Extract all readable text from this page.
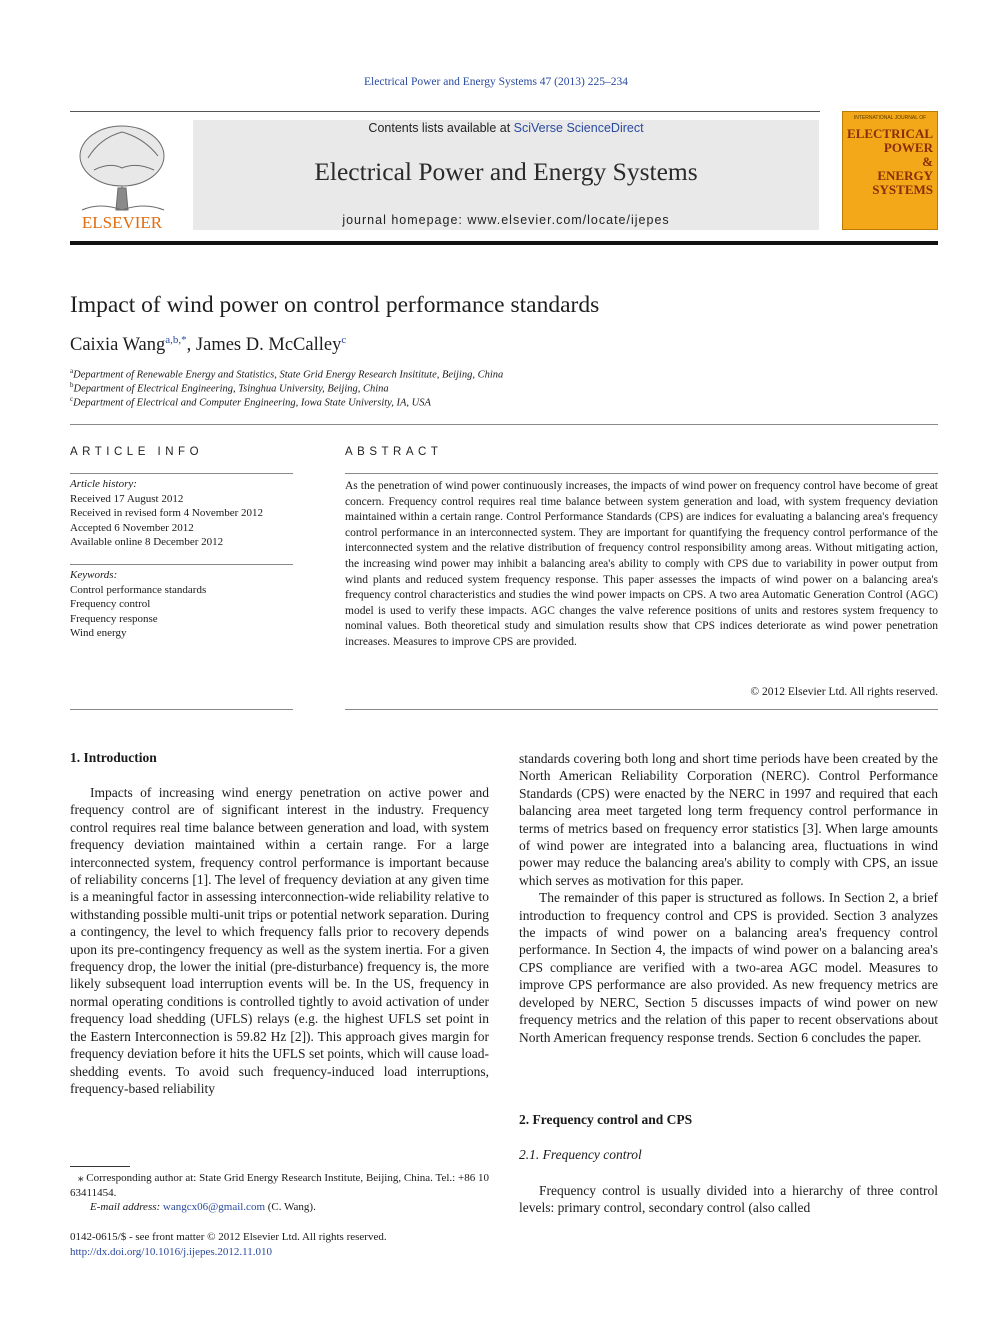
Electrical Power and Energy Systems 47 (2013) 225–234
ELSEVIER
Contents lists available at SciVerse ScienceDirect
Electrical Power and Energy Systems
journal homepage: www.elsevier.com/locate/ijepes
INTERNATIONAL JOURNAL OF
ELECTRICAL
POWER
&
ENERGY
SYSTEMS
Impact of wind power on control performance standards
Caixia Wang$^{a,b,*}$, James D. McCalley$^c$
$^a$Department of Renewable Energy and Statistics, State Grid Energy Research Insititute, Beijing, China
$^b$Department of Electrical Engineering, Tsinghua University, Beijing, China
$^c$Department of Electrical and Computer Engineering, Iowa State University, IA, USA
ARTICLE INFO
Article history:
Received 17 August 2012
Received in revised form 4 November 2012
Accepted 6 November 2012
Available online 8 December 2012
Keywords:
Control performance standards
Frequency control
Frequency response
Wind energy
ABSTRACT
As the penetration of wind power continuously increases, the impacts of wind power on frequency control have become of great concern. Frequency control requires real time balance between system generation and load, with system frequency deviation maintained within a certain range. Control Performance Standards (CPS) are indices for evaluating a balancing area's frequency control performance in an interconnected system. They are important for quantifying the frequency control performance of the interconnected system and the relative distribution of frequency control responsibility among areas. Without mitigating action, the increasing wind power may inhibit a balancing area's ability to comply with CPS due to variability in power output from wind plants and reduced system frequency response. This paper assesses the impacts of wind power on a balancing area's frequency control characteristics and studies the wind power impacts on CPS. A two area Automatic Generation Control (AGC) model is used to verify these impacts. AGC changes the valve reference positions of units and restores system frequency to nominal values. Both theoretical study and simulation results show that CPS indices deteriorate as wind power penetration increases. Measures to improve CPS are provided.
© 2012 Elsevier Ltd. All rights reserved.
1. Introduction

Impacts of increasing wind energy penetration on active power and frequency control are of significant interest in the industry. Frequency control requires real time balance between generation and load, with system frequency deviation maintained within a certain range. For a large interconnected system, frequency control performance is important because of reliability concerns [1]. The level of frequency deviation at any given time is a meaningful factor in assessing interconnection-wide reliability relative to withstanding possible multi-unit trips or potential network separation. During a contingency, the level to which frequency falls prior to recovery depends upon its pre-contingency frequency as well as the system inertia. For a given frequency drop, the lower the initial (pre-disturbance) frequency is, the more likely subsequent load interruption events will be. In the US, frequency in normal operating conditions is controlled tightly to avoid activation of under frequency load shedding (UFLS) relays (e.g. the highest UFLS set point in the Eastern Interconnection is 59.82 Hz [2]). This approach gives margin for frequency deviation before it hits the UFLS set points, which will cause load-shedding events. To avoid such frequency-induced load interruptions, frequency-based reliability

standards covering both long and short time periods have been created by the North American Reliability Corporation (NERC). Control Performance Standards (CPS) were enacted by the NERC in 1997 and required that each balancing area meet targeted long term frequency control performance in terms of metrics based on frequency error statistics [3]. When large amounts of wind power are integrated into a balancing area, fluctuations in wind power may reduce the balancing area's ability to comply with CPS, an issue which serves as motivation for this paper.

The remainder of this paper is structured as follows. In Section 2, a brief introduction to frequency control and CPS is provided. Section 3 analyzes the impacts of wind power on a balancing area's frequency control performance. In Section 4, the impacts of wind power on a balancing area's CPS compliance are verified with a two-area AGC model. Measures to improve CPS performance are also provided. As new frequency metrics are developed by NERC, Section 5 discusses impacts of wind power on new frequency metrics and the relation of this paper to recent observations about North American frequency response trends. Section 6 concludes the paper.

2. Frequency control and CPS
2.1. Frequency control

Frequency control is usually divided into a hierarchy of three control levels: primary control, secondary control (also called

⁎ Corresponding author at: State Grid Energy Research Institute, Beijing, China. Tel.: +86 10 63411454.
E-mail address: wangcx06@gmail.com (C. Wang).
0142-0615/$ - see front matter © 2012 Elsevier Ltd. All rights reserved.
http://dx.doi.org/10.1016/j.ijepes.2012.11.010
